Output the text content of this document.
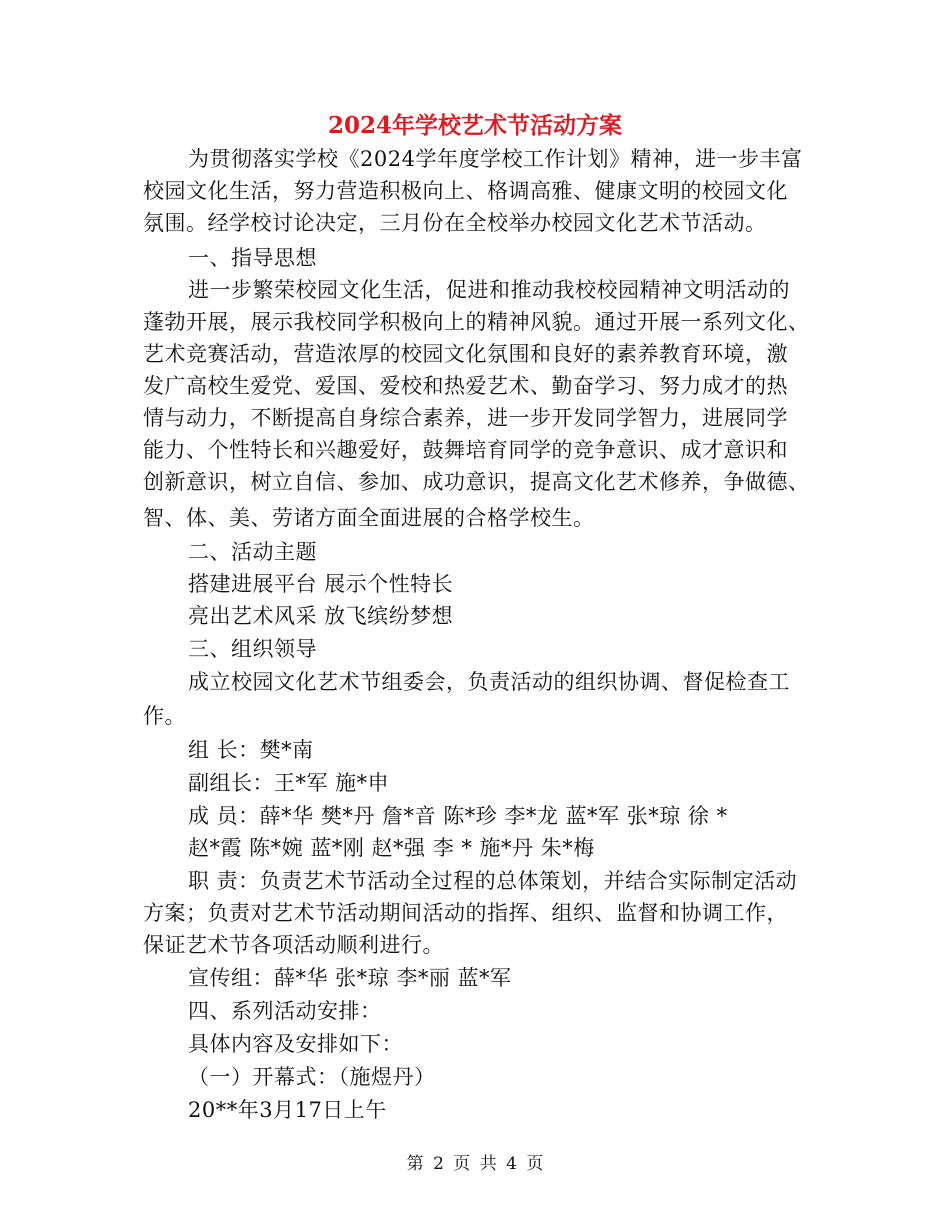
2024年学校艺术节活动方案
为贯彻落实学校《2024学年度学校工作计划》精神，进一步丰富
校园文化生活，努力营造积极向上、格调高雅、健康文明的校园文化
氛围。经学校讨论决定，三月份在全校举办校园文化艺术节活动。
一、指导思想
进一步繁荣校园文化生活，促进和推动我校校园精神文明活动的
蓬勃开展，展示我校同学积极向上的精神风貌。通过开展一系列文化、
艺术竞赛活动，营造浓厚的校园文化氛围和良好的素养教育环境，激
发广高校生爱党、爱国、爱校和热爱艺术、勤奋学习、努力成才的热
情与动力，不断提高自身综合素养，进一步开发同学智力，进展同学
能力、个性特长和兴趣爱好，鼓舞培育同学的竞争意识、成才意识和
创新意识，树立自信、参加、成功意识，提高文化艺术修养，争做德、
智、体、美、劳诸方面全面进展的合格学校生。
二、活动主题
搭建进展平台 展示个性特长
亮出艺术风采 放飞缤纷梦想
三、组织领导
成立校园文化艺术节组委会，负责活动的组织协调、督促检查工
作。
组 长：樊*南
副组长：王*军 施*申
成 员：薛*华 樊*丹 詹*音 陈*珍 李*龙 蓝*军 张*琼 徐 *
赵*霞 陈*婉 蓝*刚 赵*强 李 * 施*丹 朱*梅
职 责：负责艺术节活动全过程的总体策划，并结合实际制定活动
方案；负责对艺术节活动期间活动的指挥、组织、监督和协调工作，
保证艺术节各项活动顺利进行。
宣传组：薛*华 张*琼 李*丽 蓝*军
四、系列活动安排：
具体内容及安排如下：
（一）开幕式：（施煜丹）
20**年3月17日上午
第 2 页 共 4 页
